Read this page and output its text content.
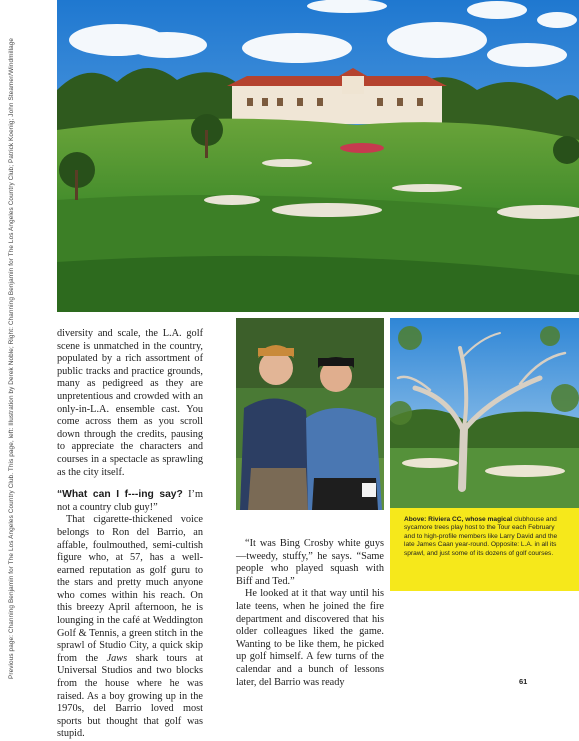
Previous page: Channing Benjamin for The Los Angeles Country Club. This page, left: Illustration by Derek Noble; Right: Channing Benjamin for The Los Angeles Country Club; Patrick Koenig; John Steamer/Windmillage	diversity and scale, the L.A. golf scene is unmatched in the country, populated by a rich assortment of public tracks and practice grounds, many as pedigreed as they are unpretentious and crowded with an only-in-L.A. ensemble cast. You come across them as you scroll down through the credits, pausing to appreciate the characters and courses in a spectacle as sprawling as the city itself.

“What can I f---ing say? I’m not a country club guy!”

That cigarette-thickened voice belongs to Ron del Barrio, an affable, foulmouthed, semi-cultish figure who, at 57, has a well-earned reputation as golf guru to the stars and pretty much anyone who comes within his reach. On this breezy April afternoon, he is lounging in the café at Weddington Golf & Tennis, a green stitch in the sprawl of Studio City, a quick skip from the Jaws shark tours at Universal Studios and two blocks from the house where he was raised. As a boy growing up in the 1970s, del Barrio loved most sports but thought that golf was stupid.

“It was Bing Crosby white guys—tweedy, stuffy,” he says. “Same people who played squash with Biff and Ted.”

He looked at it that way until his late teens, when he joined the fire department and discovered that his older colleagues liked the game. Wanting to be like them, he picked up golf himself. A few turns of the calendar and a bunch of lessons later, del Barrio was ready

Above: Riviera CC, whose magical clubhouse and sycamore trees play host to the Tour each February and to high-profile members like Larry David and the late James Caan year-round. Opposite: L.A. in all its sprawl, and just some of its dozens of golf courses.
61
